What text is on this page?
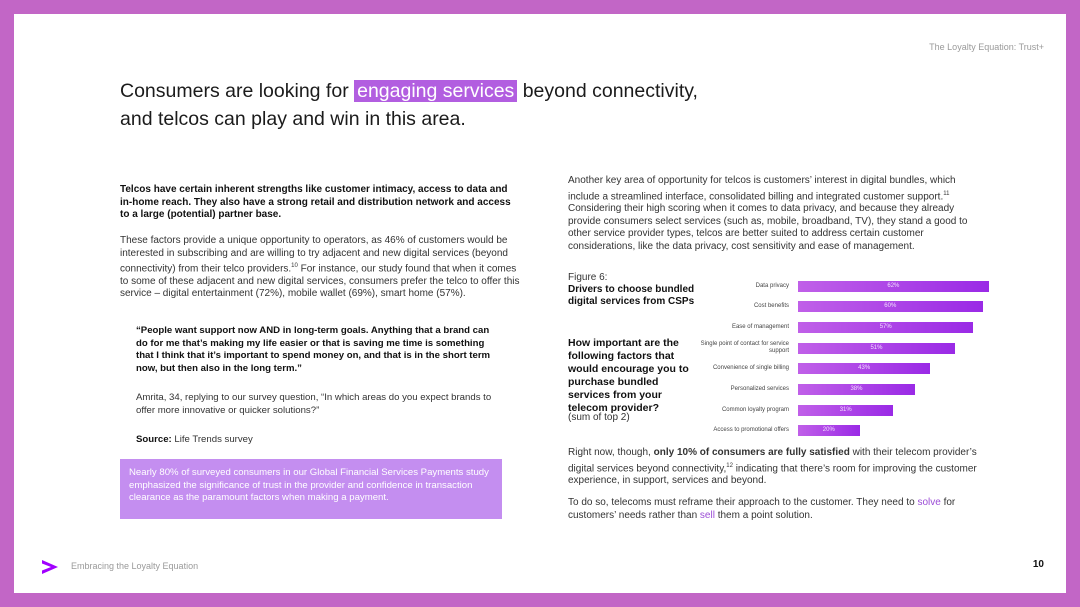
The Loyalty Equation: Trust+
Consumers are looking for engaging services beyond connectivity,
and telcos can play and win in this area.
Telcos have certain inherent strengths like customer intimacy, access to data and in-home reach. They also have a strong retail and distribution network and access to a large (potential) partner base.
These factors provide a unique opportunity to operators, as 46% of customers would be interested in subscribing and are willing to try adjacent and new digital services (beyond connectivity) from their telco providers.$^{10}$ For instance, our study found that when it comes to some of these adjacent and new digital services, consumers prefer the telco to offer this service – digital entertainment (72%), mobile wallet (69%), smart home (57%).
“People want support now AND in long-term goals. Anything that a brand can do for me that’s making my life easier or that is saving me time is something that I think that it’s important to spend money on, and that is in the short term now, but then also in the long term.”
Amrita, 34, replying to our survey question, “In which areas do you expect brands to offer more innovative or quicker solutions?”
Source: Life Trends survey
Nearly 80% of surveyed consumers in our Global Financial Services Payments study emphasized the significance of trust in the provider and confidence in transaction clearance as the paramount factors when making a payment.
Another key area of opportunity for telcos is customers’ interest in digital bundles, which include a streamlined interface, consolidated billing and integrated customer support.$^{11}$ Considering their high scoring when it comes to data privacy, and because they already provide consumers select services (such as, mobile, broadband, TV), they stand a good to other service provider types, telcos are better suited to address certain customer considerations, like the data privacy, cost sensitivity and ease of management.
Figure 6:
Drivers to choose bundled digital services from CSPs
How important are the following factors that would encourage you to purchase bundled services from your telecom provider?
(sum of top 2)
Data privacy	62%
Cost benefits	60%
Ease of management	57%
Single point of contact for service support
51%
Convenience of single billing	43%
Personalized services	38%
Common loyalty program	31%
Access to promotional offers	20%
Right now, though, only 10% of consumers are fully satisfied with their telecom provider’s digital services beyond connectivity,$^{12}$ indicating that there’s room for improving the customer experience, in support, services and beyond.
To do so, telecoms must reframe their approach to the customer. They need to solve for customers’ needs rather than sell them a point solution.
Embracing the Loyalty Equation	10
